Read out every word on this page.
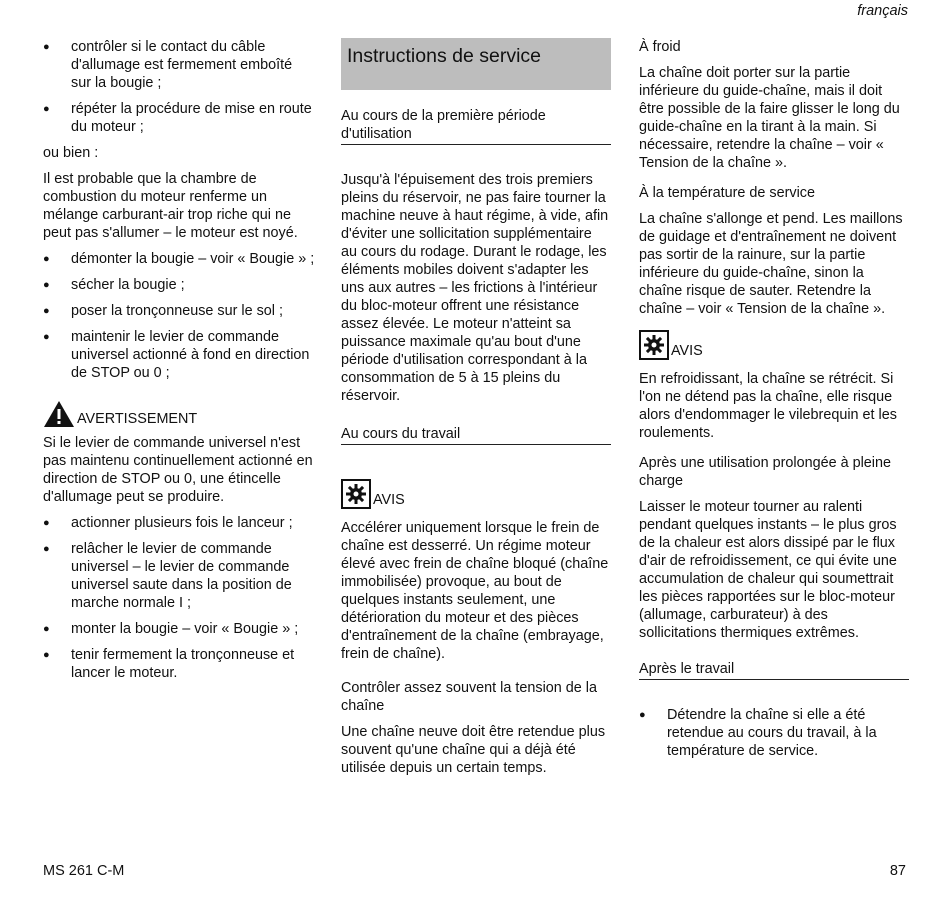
français
●	contrôler si le contact du câble d'allumage est fermement emboîté sur la bougie ;
●	répéter la procédure de mise en route du moteur ;

ou bien :

Il est probable que la chambre de combustion du moteur renferme un mélange carburant-air trop riche qui ne peut pas s'allumer – le moteur est noyé.

●	démonter la bougie – voir « Bougie » ;
●	sécher la bougie ;
●	poser la tronçonneuse sur le sol ;
●	maintenir le levier de commande universel actionné à fond en direction de STOP ou 0 ;
AVERTISSEMENT

Si le levier de commande universel n'est pas maintenu continuellement actionné en direction de STOP ou 0, une étincelle d'allumage peut se produire.

●	actionner plusieurs fois le lanceur ;
●	relâcher le levier de commande universel – le levier de commande universel saute dans la position de marche normale I ;
●	monter la bougie – voir « Bougie » ;
●	tenir fermement la tronçonneuse et lancer le moteur.
Instructions de service
Au cours de la première période d'utilisation

Jusqu'à l'épuisement des trois premiers pleins du réservoir, ne pas faire tourner la machine neuve à haut régime, à vide, afin d'éviter une sollicitation supplémentaire au cours du rodage. Durant le rodage, les éléments mobiles doivent s'adapter les uns aux autres – les frictions à l'intérieur du bloc-moteur offrent une résistance assez élevée. Le moteur n'atteint sa puissance maximale qu'au bout d'une période d'utilisation correspondant à la consommation de 5 à 15 pleins du réservoir.

Au cours du travail
AVIS

Accélérer uniquement lorsque le frein de chaîne est desserré. Un régime moteur élevé avec frein de chaîne bloqué (chaîne immobilisée) provoque, au bout de quelques instants seulement, une détérioration du moteur et des pièces d'entraînement de la chaîne (embrayage, frein de chaîne).

Contrôler assez souvent la tension de la chaîne

Une chaîne neuve doit être retendue plus souvent qu'une chaîne qui a déjà été utilisée depuis un certain temps.

À froid

La chaîne doit porter sur la partie inférieure du guide-chaîne, mais il doit être possible de la faire glisser le long du guide-chaîne en la tirant à la main. Si nécessaire, retendre la chaîne – voir « Tension de la chaîne ».

À la température de service

La chaîne s'allonge et pend. Les maillons de guidage et d'entraînement ne doivent pas sortir de la rainure, sur la partie inférieure du guide-chaîne, sinon la chaîne risque de sauter. Retendre la chaîne – voir « Tension de la chaîne ».

AVIS

En refroidissant, la chaîne se rétrécit. Si l'on ne détend pas la chaîne, elle risque alors d'endommager le vilebrequin et les roulements.

Après une utilisation prolongée à pleine charge

Laisser le moteur tourner au ralenti pendant quelques instants – le plus gros de la chaleur est alors dissipé par le flux d'air de refroidissement, ce qui évite une accumulation de chaleur qui soumettrait les pièces rapportées sur le bloc-moteur (allumage, carburateur) à des sollicitations thermiques extrêmes.

Après le travail
●	Détendre la chaîne si elle a été retendue au cours du travail, à la température de service.
MS 261 C-M	87
